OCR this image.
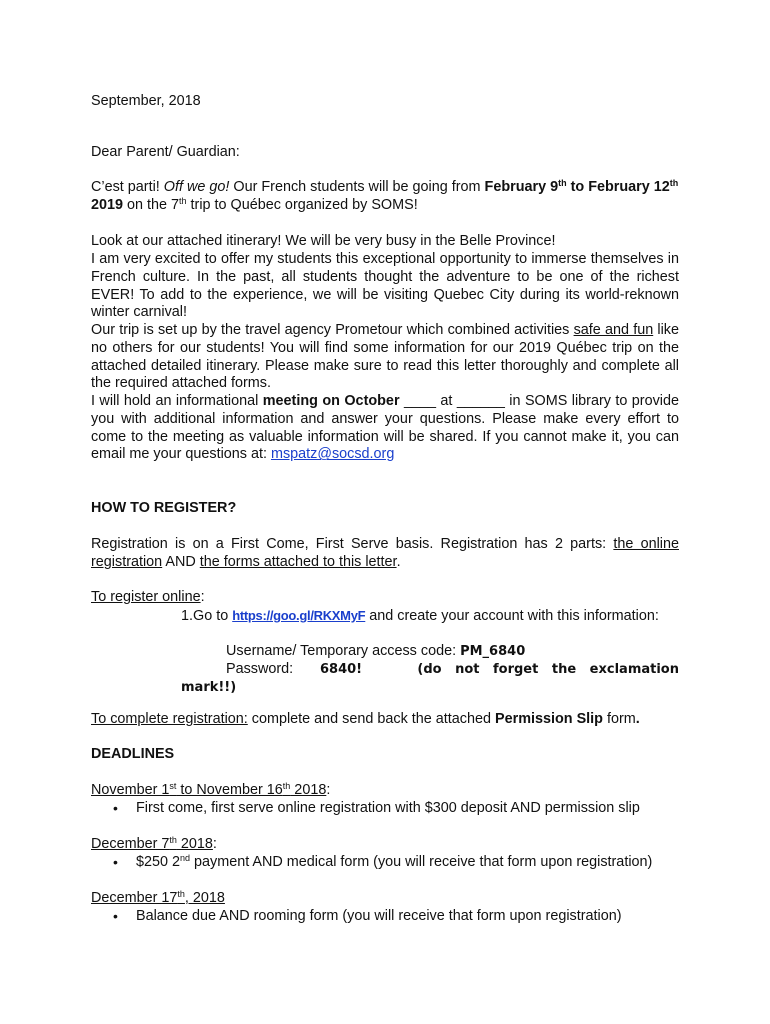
September, 2018

Dear Parent/ Guardian:

C’est parti! Off we go! Our French students will be going from February 9th to February 12th 2019 on the 7th trip to Québec organized by SOMS!

Look at our attached itinerary! We will be very busy in the Belle Province!

I am very excited to offer my students this exceptional opportunity to immerse themselves in French culture. In the past, all students thought the adventure to be one of the richest EVER! To add to the experience, we will be visiting Quebec City during its world-reknown winter carnival!

Our trip is set up by the travel agency Prometour which combined activities safe and fun like no others for our students! You will find some information for our 2019 Québec trip on the attached detailed itinerary. Please make sure to read this letter thoroughly and complete all the required attached forms.

I will hold an informational meeting on October ____ at ______ in SOMS library to provide you with additional information and answer your questions. Please make every effort to come to the meeting as valuable information will be shared. If you cannot make it, you can email me your questions at: mspatz@socsd.org

HOW TO REGISTER?

Registration is on a First Come, First Serve basis. Registration has 2 parts: the online registration AND the forms attached to this letter.

To register online:

1.Go to https://goo.gl/RKXMyF and create your account with this information:

Username/ Temporary access code: PM_6840

Password: 6840!	(do not forget the exclamation

mark!!)

To complete registration: complete and send back the attached Permission Slip form.

DEADLINES

November 1st to November 16th 2018:

• First come, first serve online registration with $300 deposit AND permission slip

December 7th 2018:

• $250 2nd payment AND medical form (you will receive that form upon registration)

December 17th, 2018

• Balance due AND rooming form (you will receive that form upon registration)
